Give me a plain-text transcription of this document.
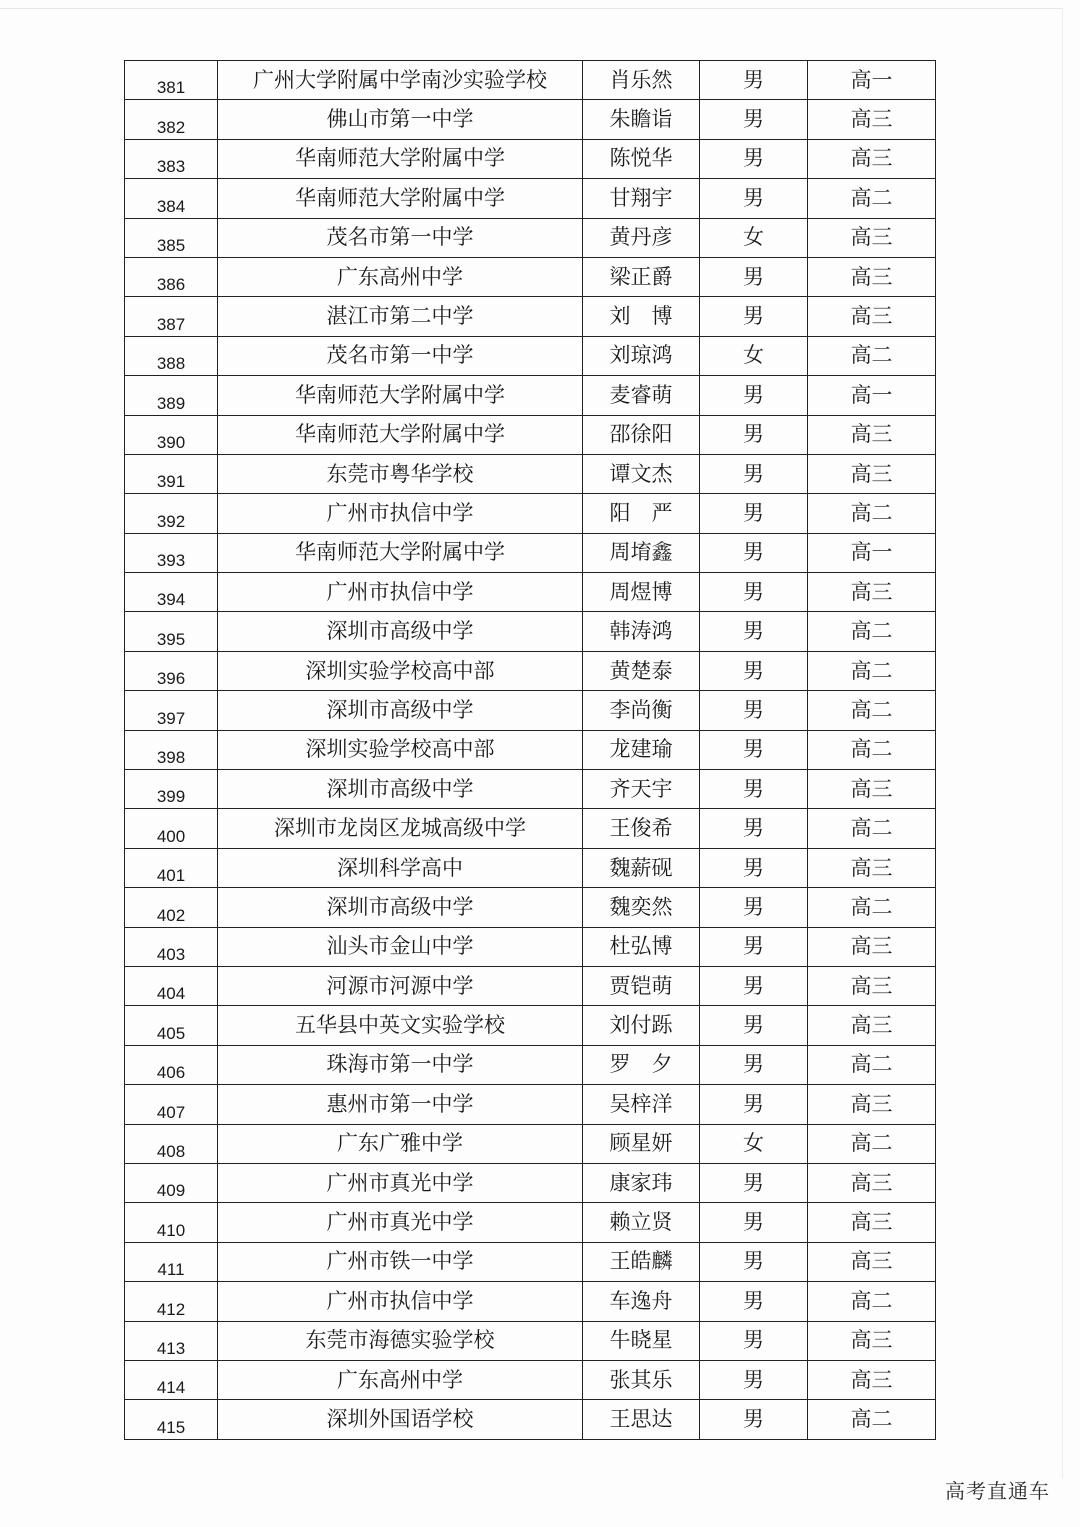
381	广州大学附属中学南沙实验学校	肖乐然	男	高一
382	佛山市第一中学	朱瞻诣	男	高三
383	华南师范大学附属中学	陈悦华	男	高三
384	华南师范大学附属中学	甘翔宇	男	高二
385	茂名市第一中学	黄丹彦	女	高三
386	广东高州中学	梁正爵	男	高三
387	湛江市第二中学	刘　博	男	高三
388	茂名市第一中学	刘琼鸿	女	高二
389	华南师范大学附属中学	麦睿萌	男	高一
390	华南师范大学附属中学	邵徐阳	男	高三
391	东莞市粤华学校	谭文杰	男	高三
392	广州市执信中学	阳　严	男	高二
393	华南师范大学附属中学	周堉鑫	男	高一
394	广州市执信中学	周煜博	男	高三
395	深圳市高级中学	韩涛鸿	男	高二
396	深圳实验学校高中部	黄楚泰	男	高二
397	深圳市高级中学	李尚衡	男	高二
398	深圳实验学校高中部	龙建瑜	男	高二
399	深圳市高级中学	齐天宇	男	高三
400	深圳市龙岗区龙城高级中学	王俊希	男	高二
401	深圳科学高中	魏薪砚	男	高三
402	深圳市高级中学	魏奕然	男	高二
403	汕头市金山中学	杜弘博	男	高三
404	河源市河源中学	贾铠萌	男	高三
405	五华县中英文实验学校	刘付跞	男	高三
406	珠海市第一中学	罗　夕	男	高二
407	惠州市第一中学	吴梓洋	男	高三
408	广东广雅中学	顾星妍	女	高二
409	广州市真光中学	康家玮	男	高三
410	广州市真光中学	赖立贤	男	高三
411	广州市铁一中学	王皓麟	男	高三
412	广州市执信中学	车逸舟	男	高二
413	东莞市海德实验学校	牛晓星	男	高三
414	广东高州中学	张其乐	男	高三
415	深圳外国语学校	王思达	男	高二
高考直通车
